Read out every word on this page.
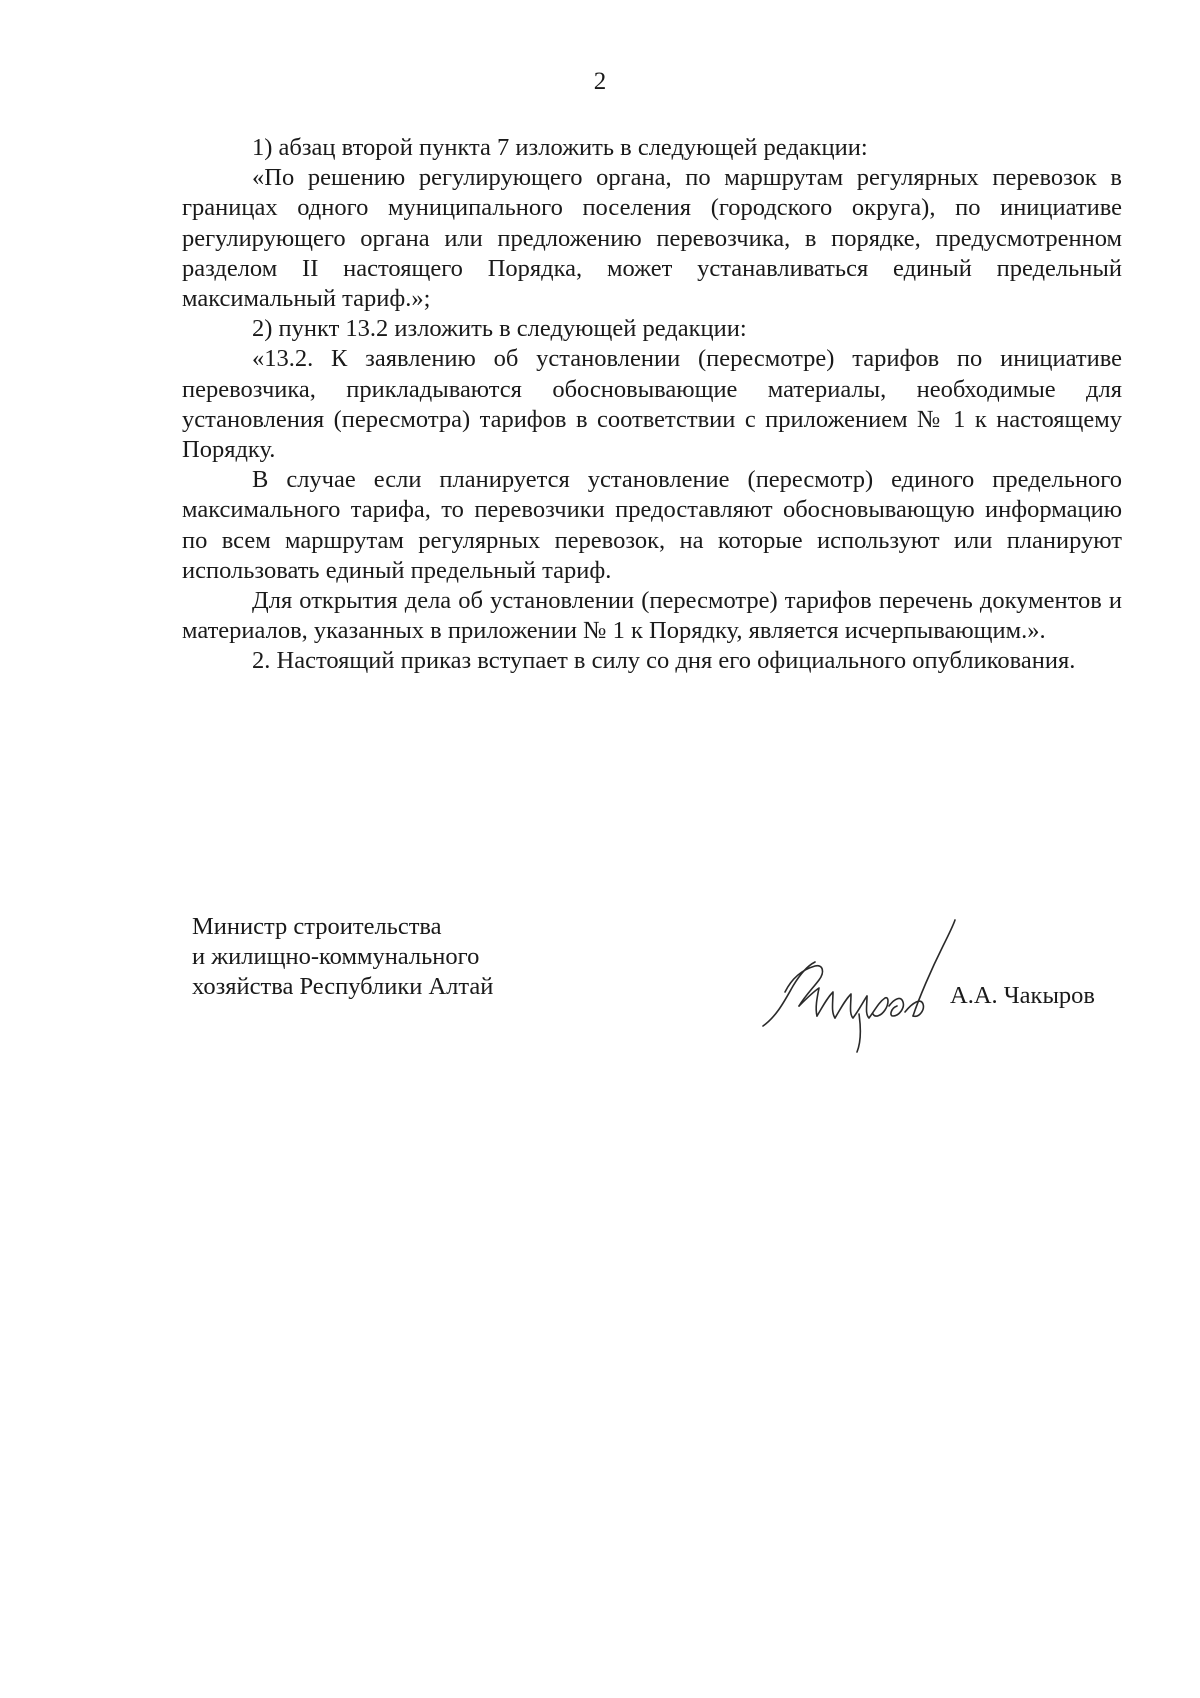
2

1) абзац второй пункта 7 изложить в следующей редакции:

«По решению регулирующего органа, по маршрутам регулярных перевозок в границах одного муниципального поселения (городского округа), по инициативе регулирующего органа или предложению перевозчика, в порядке, предусмотренном разделом II настоящего Порядка, может устанавливаться единый предельный максимальный тариф.»;

2) пункт 13.2 изложить в следующей редакции:

«13.2. К заявлению об установлении (пересмотре) тарифов по инициативе перевозчика, прикладываются обосновывающие материалы, необходимые для установления (пересмотра) тарифов в соответствии с приложением № 1 к настоящему Порядку.

В случае если планируется установление (пересмотр) единого предельного максимального тарифа, то перевозчики предоставляют обосновывающую информацию по всем маршрутам регулярных перевозок, на которые используют или планируют использовать единый предельный тариф.

Для открытия дела об установлении (пересмотре) тарифов перечень документов и материалов, указанных в приложении № 1 к Порядку, является исчерпывающим.».

2. Настоящий приказ вступает в силу со дня его официального опубликования.

Министр строительства
и жилищно-коммунального
хозяйства Республики Алтай	А.А. Чакыров
